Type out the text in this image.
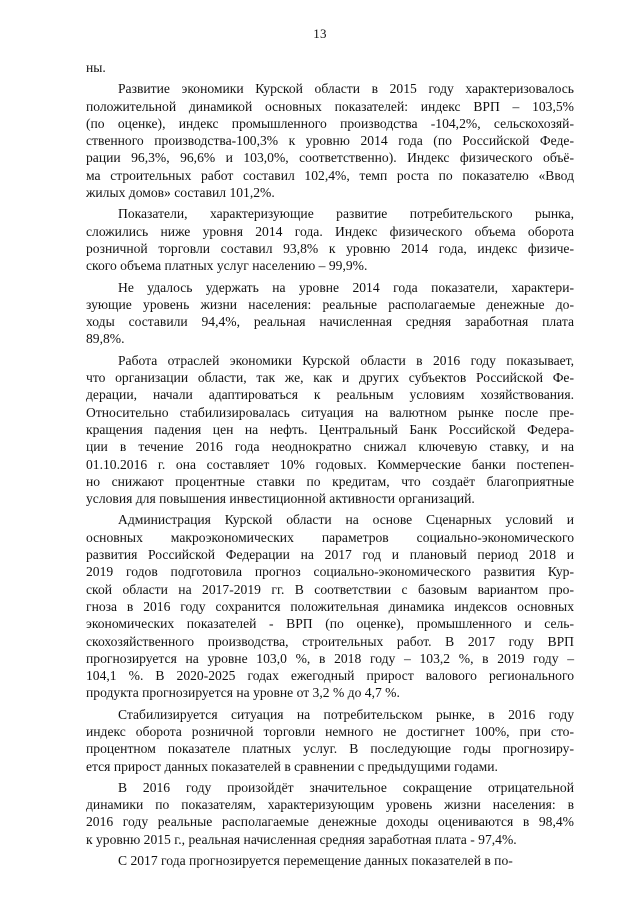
13
ны.
Развитие экономики Курской области в 2015 году характеризовалось
положительной динамикой основных показателей: индекс ВРП – 103,5%
(по оценке), индекс промышленного производства -104,2%, сельскохозяй-
ственного производства-100,3% к уровню 2014 года (по Российской Феде-
рации 96,3%, 96,6% и 103,0%, соответственно). Индекс физического объё-
ма строительных работ составил 102,4%, темп роста по показателю «Ввод
жилых домов» составил 101,2%.
Показатели, характеризующие развитие потребительского рынка,
сложились ниже уровня 2014 года. Индекс физического объема оборота
розничной торговли составил 93,8% к уровню 2014 года, индекс физиче-
ского объема платных услуг населению – 99,9%.
Не удалось удержать на уровне 2014 года показатели, характери-
зующие уровень жизни населения: реальные располагаемые денежные до-
ходы составили 94,4%, реальная начисленная средняя заработная плата
89,8%.
Работа отраслей экономики Курской области в 2016 году показывает,
что организации области, так же, как и других субъектов Российской Фе-
дерации, начали адаптироваться к реальным условиям хозяйствования.
Относительно стабилизировалась ситуация на валютном рынке после пре-
кращения падения цен на нефть. Центральный Банк Российской Федера-
ции в течение 2016 года неоднократно снижал ключевую ставку, и на
01.10.2016 г. она составляет 10% годовых. Коммерческие банки постепен-
но снижают процентные ставки по кредитам, что создаёт благоприятные
условия для повышения инвестиционной активности организаций.
Администрация Курской области на основе Сценарных условий и
основных макроэкономических параметров социально-экономического
развития Российской Федерации на 2017 год и плановый период 2018 и
2019 годов подготовила прогноз социально-экономического развития Кур-
ской области на 2017-2019 гг. В соответствии с базовым вариантом про-
гноза в 2016 году сохранится положительная динамика индексов основных
экономических показателей - ВРП (по оценке), промышленного и сель-
скохозяйственного производства, строительных работ. В 2017 году ВРП
прогнозируется на уровне 103,0 %, в 2018 году – 103,2 %, в 2019 году –
104,1 %. В 2020-2025 годах ежегодный прирост валового регионального
продукта прогнозируется на уровне от 3,2 % до 4,7 %.
Стабилизируется ситуация на потребительском рынке, в 2016 году
индекс оборота розничной торговли немного не достигнет 100%, при сто-
процентном показателе платных услуг. В последующие годы прогнозиру-
ется прирост данных показателей в сравнении с предыдущими годами.
В 2016 году произойдёт значительное сокращение отрицательной
динамики по показателям, характеризующим уровень жизни населения: в
2016 году реальные располагаемые денежные доходы оцениваются в 98,4%
к уровню 2015 г., реальная начисленная средняя заработная плата - 97,4%.
С 2017 года прогнозируется перемещение данных показателей в по-
